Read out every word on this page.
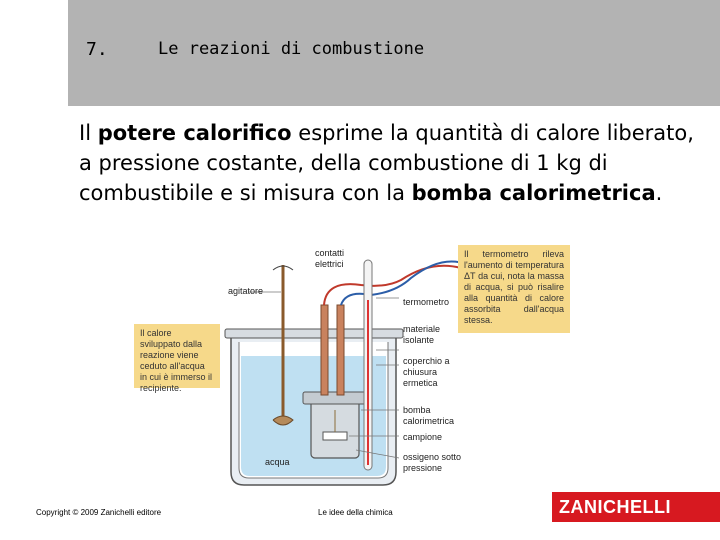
7.	Le reazioni di combustione
Il potere calorifico esprime la quantità di calore liberato, a pressione costante, della combustione di 1 kg di combustibile e si misura con la bomba calorimetrica.
Il calore sviluppato dalla reazione viene ceduto all'acqua in cui è immerso il recipiente.
Il termometro rileva l'aumento di temperatura ΔT da cui, nota la massa di acqua, si può risalire alla quantità di calore assorbita dall'acqua stessa.
contatti elettrici
agitatore
termometro
materiale isolante
coperchio a chiusura ermetica
bomba calorimetrica
campione
ossigeno sotto pressione
acqua
Copyright © 2009 Zanichelli editore	Le idee della chimica	ZANICHELLI
